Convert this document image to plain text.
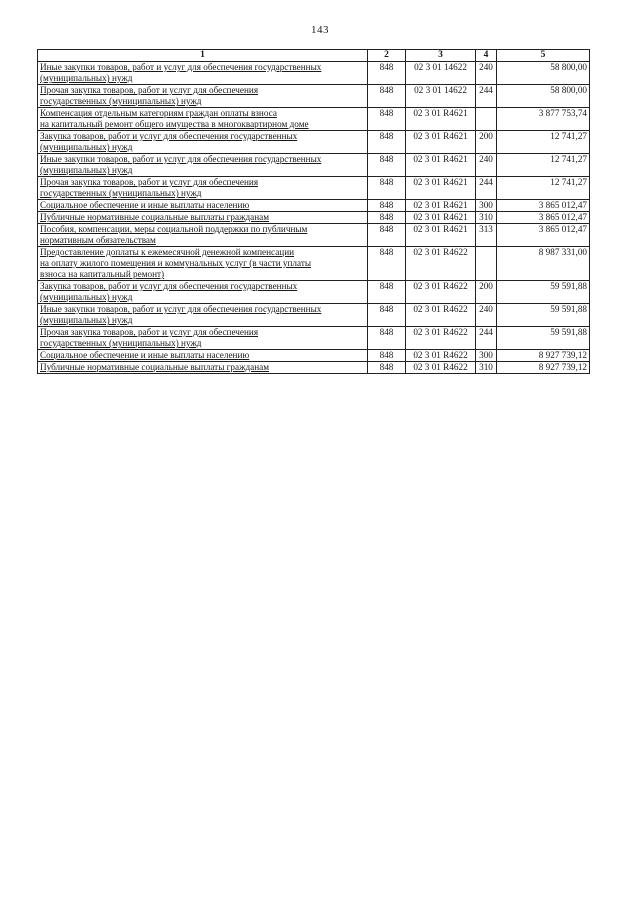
143
1	2	3	4	5

Иные закупки товаров, работ и услуг для обеспечения государственных
(муниципальных) нужд	848	02 3 01 14622	240	58 800,00

Прочая закупка товаров, работ и услуг для обеспечения
государственных (муниципальных) нужд	848	02 3 01 14622	244	58 800,00

Компенсация отдельным категориям граждан оплаты взноса
на капитальный ремонт общего имущества в многоквартирном доме	848	02 3 01 R4621		3 877 753,74

Закупка товаров, работ и услуг для обеспечения государственных
(муниципальных) нужд	848	02 3 01 R4621	200	12 741,27

Иные закупки товаров, работ и услуг для обеспечения государственных
(муниципальных) нужд	848	02 3 01 R4621	240	12 741,27

Прочая закупка товаров, работ и услуг для обеспечения
государственных (муниципальных) нужд	848	02 3 01 R4621	244	12 741,27

Социальное обеспечение и иные выплаты населению	848	02 3 01 R4621	300	3 865 012,47

Публичные нормативные социальные выплаты гражданам	848	02 3 01 R4621	310	3 865 012,47

Пособия, компенсации, меры социальной поддержки по публичным
нормативным обязательствам	848	02 3 01 R4621	313	3 865 012,47

Предоставление доплаты к ежемесячной денежной компенсации
на оплату жилого помещения и коммунальных услуг (в части уплаты
взноса на капитальный ремонт)	848	02 3 01 R4622		8 987 331,00

Закупка товаров, работ и услуг для обеспечения государственных
(муниципальных) нужд	848	02 3 01 R4622	200	59 591,88

Иные закупки товаров, работ и услуг для обеспечения государственных
(муниципальных) нужд	848	02 3 01 R4622	240	59 591,88

Прочая закупка товаров, работ и услуг для обеспечения
государственных (муниципальных) нужд	848	02 3 01 R4622	244	59 591,88

Социальное обеспечение и иные выплаты населению	848	02 3 01 R4622	300	8 927 739,12

Публичные нормативные социальные выплаты гражданам	848	02 3 01 R4622	310	8 927 739,12
